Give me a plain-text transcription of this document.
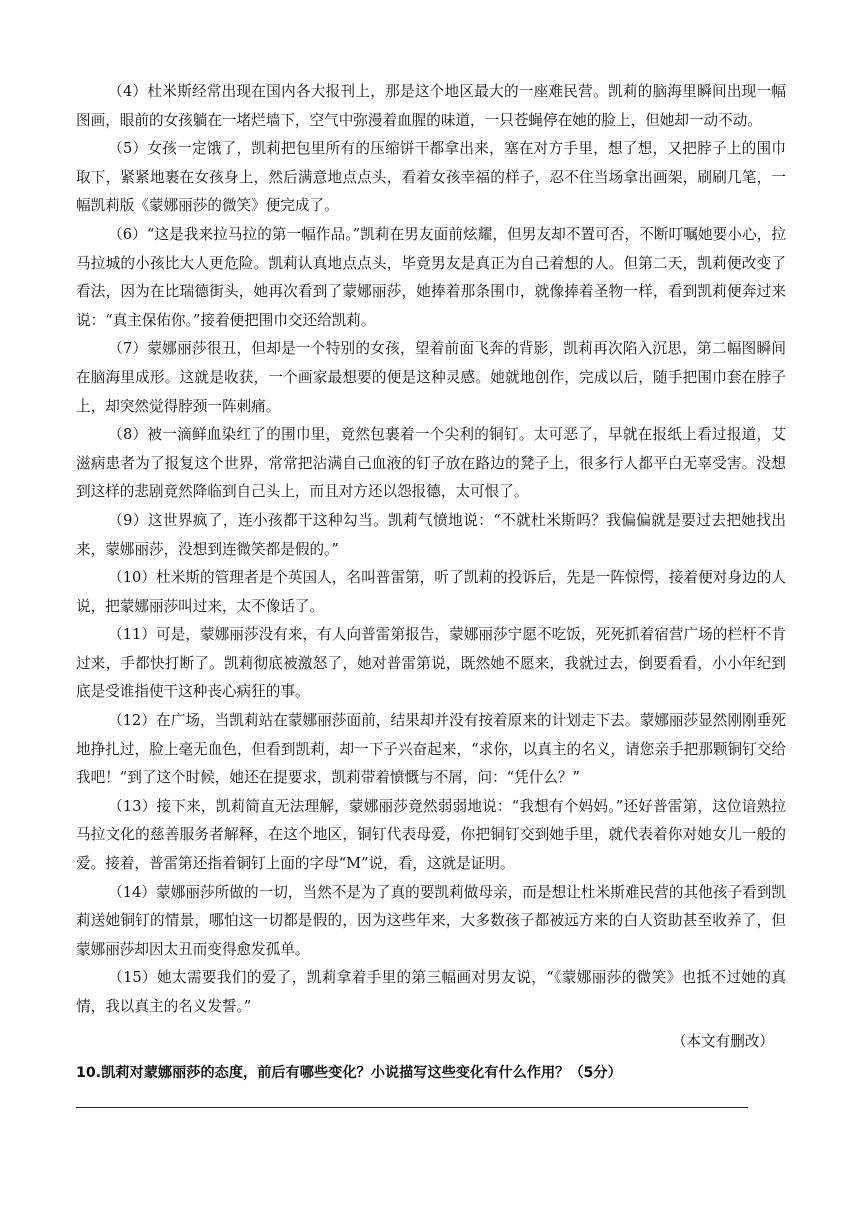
（4）杜米斯经常出现在国内各大报刊上，那是这个地区最大的一座难民营。凯莉的脑海里瞬间出现一幅图画，眼前的女孩躺在一堵烂墙下，空气中弥漫着血腥的味道，一只苍蝇停在她的脸上，但她却一动不动。

（5）女孩一定饿了，凯莉把包里所有的压缩饼干都拿出来，塞在对方手里，想了想，又把脖子上的围巾取下，紧紧地裹在女孩身上，然后满意地点点头，看着女孩幸福的样子，忍不住当场拿出画架，刷刷几笔，一幅凯莉版《蒙娜丽莎的微笑》便完成了。

（6）“这是我来拉马拉的第一幅作品。”凯莉在男友面前炫耀，但男友却不置可否，不断叮嘱她要小心，拉马拉城的小孩比大人更危险。凯莉认真地点点头，毕竟男友是真正为自己着想的人。但第二天，凯莉便改变了看法，因为在比瑞德街头，她再次看到了蒙娜丽莎，她捧着那条围巾，就像捧着圣物一样，看到凯莉便奔过来说：“真主保佑你。”接着便把围巾交还给凯莉。

（7）蒙娜丽莎很丑，但却是一个特别的女孩，望着前面飞奔的背影，凯莉再次陷入沉思，第二幅图瞬间在脑海里成形。这就是收获，一个画家最想要的便是这种灵感。她就地创作，完成以后，随手把围巾套在脖子上，却突然觉得脖颈一阵刺痛。

（8）被一滴鲜血染红了的围巾里，竟然包裹着一个尖利的铜钉。太可恶了，早就在报纸上看过报道，艾滋病患者为了报复这个世界，常常把沾满自己血液的钉子放在路边的凳子上，很多行人都平白无辜受害。没想到这样的悲剧竟然降临到自己头上，而且对方还以怨报德，太可恨了。

（9）这世界疯了，连小孩都干这种勾当。凯莉气愤地说：“不就杜米斯吗？我偏偏就是要过去把她找出来，蒙娜丽莎，没想到连微笑都是假的。”

（10）杜米斯的管理者是个英国人，名叫普雷第，听了凯莉的投诉后，先是一阵惊愕，接着便对身边的人说，把蒙娜丽莎叫过来，太不像话了。

（11）可是，蒙娜丽莎没有来，有人向普雷第报告，蒙娜丽莎宁愿不吃饭，死死抓着宿营广场的栏杆不肯过来，手都快打断了。凯莉彻底被激怒了，她对普雷第说，既然她不愿来，我就过去，倒要看看，小小年纪到底是受谁指使干这种丧心病狂的事。

（12）在广场，当凯莉站在蒙娜丽莎面前，结果却并没有按着原来的计划走下去。蒙娜丽莎显然刚刚垂死地挣扎过，脸上毫无血色，但看到凯莉，却一下子兴奋起来，“求你，以真主的名义，请您亲手把那颗铜钉交给我吧！”到了这个时候，她还在提要求，凯莉带着愤慨与不屑，问：“凭什么？”

（13）接下来，凯莉简直无法理解，蒙娜丽莎竟然弱弱地说：“我想有个妈妈。”还好普雷第，这位谙熟拉马拉文化的慈善服务者解释，在这个地区，铜钉代表母爱，你把铜钉交到她手里，就代表着你对她女儿一般的爱。接着，普雷第还指着铜钉上面的字母“M”说，看，这就是证明。

（14）蒙娜丽莎所做的一切，当然不是为了真的要凯莉做母亲，而是想让杜米斯难民营的其他孩子看到凯莉送她铜钉的情景，哪怕这一切都是假的，因为这些年来，大多数孩子都被远方来的白人资助甚至收养了，但蒙娜丽莎却因太丑而变得愈发孤单。

（15）她太需要我们的爱了，凯莉拿着手里的第三幅画对男友说，“《蒙娜丽莎的微笑》也抵不过她的真情，我以真主的名义发誓。”

（本文有删改）

10.凯莉对蒙娜丽莎的态度，前后有哪些变化？小说描写这些变化有什么作用？（5分）
